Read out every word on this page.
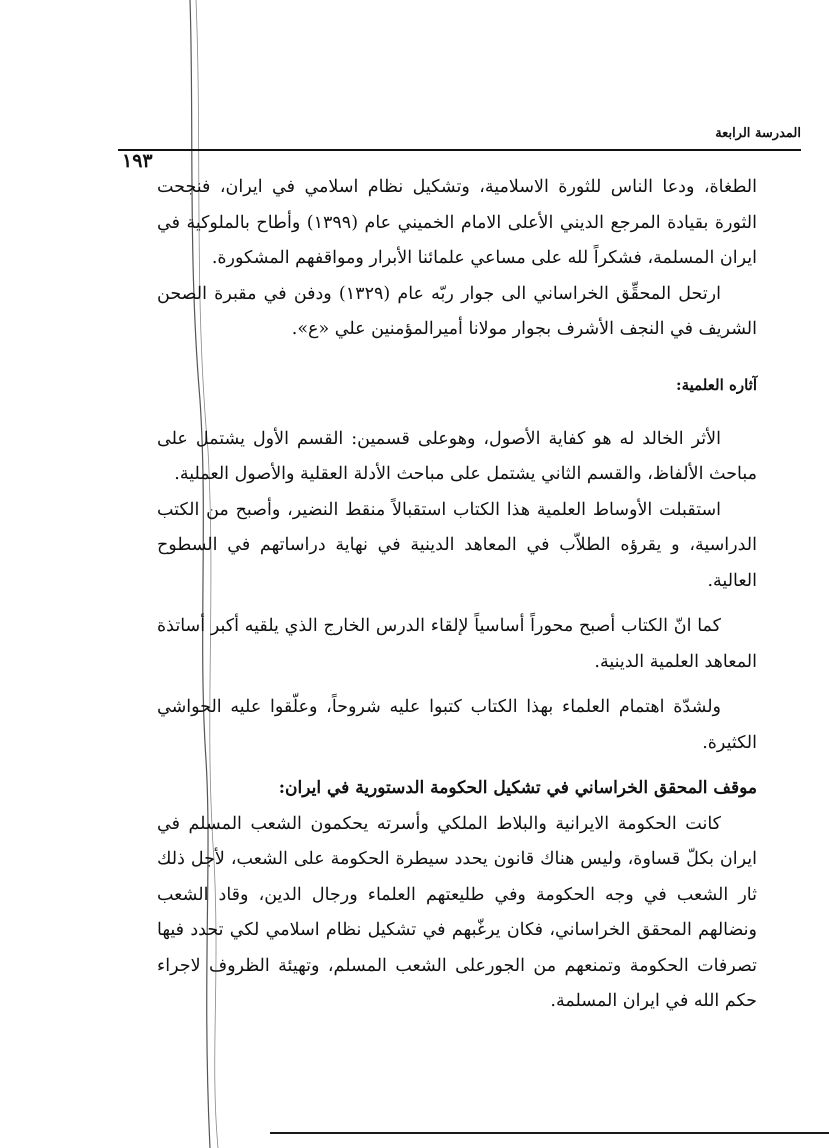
المدرسة الرابعة
١٩٣

الطغاة، ودعا الناس للثورة الاسلامية، وتشكيل نظام اسلامي في ايران، فنجحت الثورة بقيادة المرجع الديني الأعلى الامام الخميني عام (١٣٩٩) وأطاح بالملوكية في ايران المسلمة، فشكراً لله على مساعي علمائنا الأبرار ومواقفهم المشكورة.

ارتحل المحقِّق الخراساني الى جوار ربّه عام (١٣٢٩) ودفن في مقبرة الصحن الشريف في النجف الأشرف بجوار مولانا أميرالمؤمنين علي «ع».

آثاره العلمية:

الأثر الخالد له هو كفاية الأصول، وهوعلى قسمين: القسم الأول يشتمل على مباحث الألفاظ، والقسم الثاني يشتمل على مباحث الأدلة العقلية والأصول العملية.

استقبلت الأوساط العلمية هذا الكتاب استقبالاً منقط النضير، وأصبح من الكتب الدراسية، و يقرؤه الطلاّب في المعاهد الدينية في نهاية دراساتهم في السطوح العالية.

كما انّ الكتاب أصبح محوراً أساسياً لإلقاء الدرس الخارج الذي يلقيه أكبر أساتذة المعاهد العلمية الدينية.

ولشدّة اهتمام العلماء بهذا الكتاب كتبوا عليه شروحاً، وعلّقوا عليه الحواشي الكثيرة.

موقف المحقق الخراساني في تشكيل الحكومة الدستورية في ايران:

كانت الحكومة الايرانية والبلاط الملكي وأسرته يحكمون الشعب المسلم في ايران بكلّ قساوة، وليس هناك قانون يحدد سيطرة الحكومة على الشعب، لأجل ذلك ثار الشعب في وجه الحكومة وفي طليعتهم العلماء ورجال الدين، وقاد الشعب ونضالهم المحقق الخراساني، فكان يرغّبهم في تشكيل نظام اسلامي لكي تحدد فيها تصرفات الحكومة وتمنعهم من الجورعلى الشعب المسلم، وتهيئة الظروف لاجراء حكم الله في ايران المسلمة.
